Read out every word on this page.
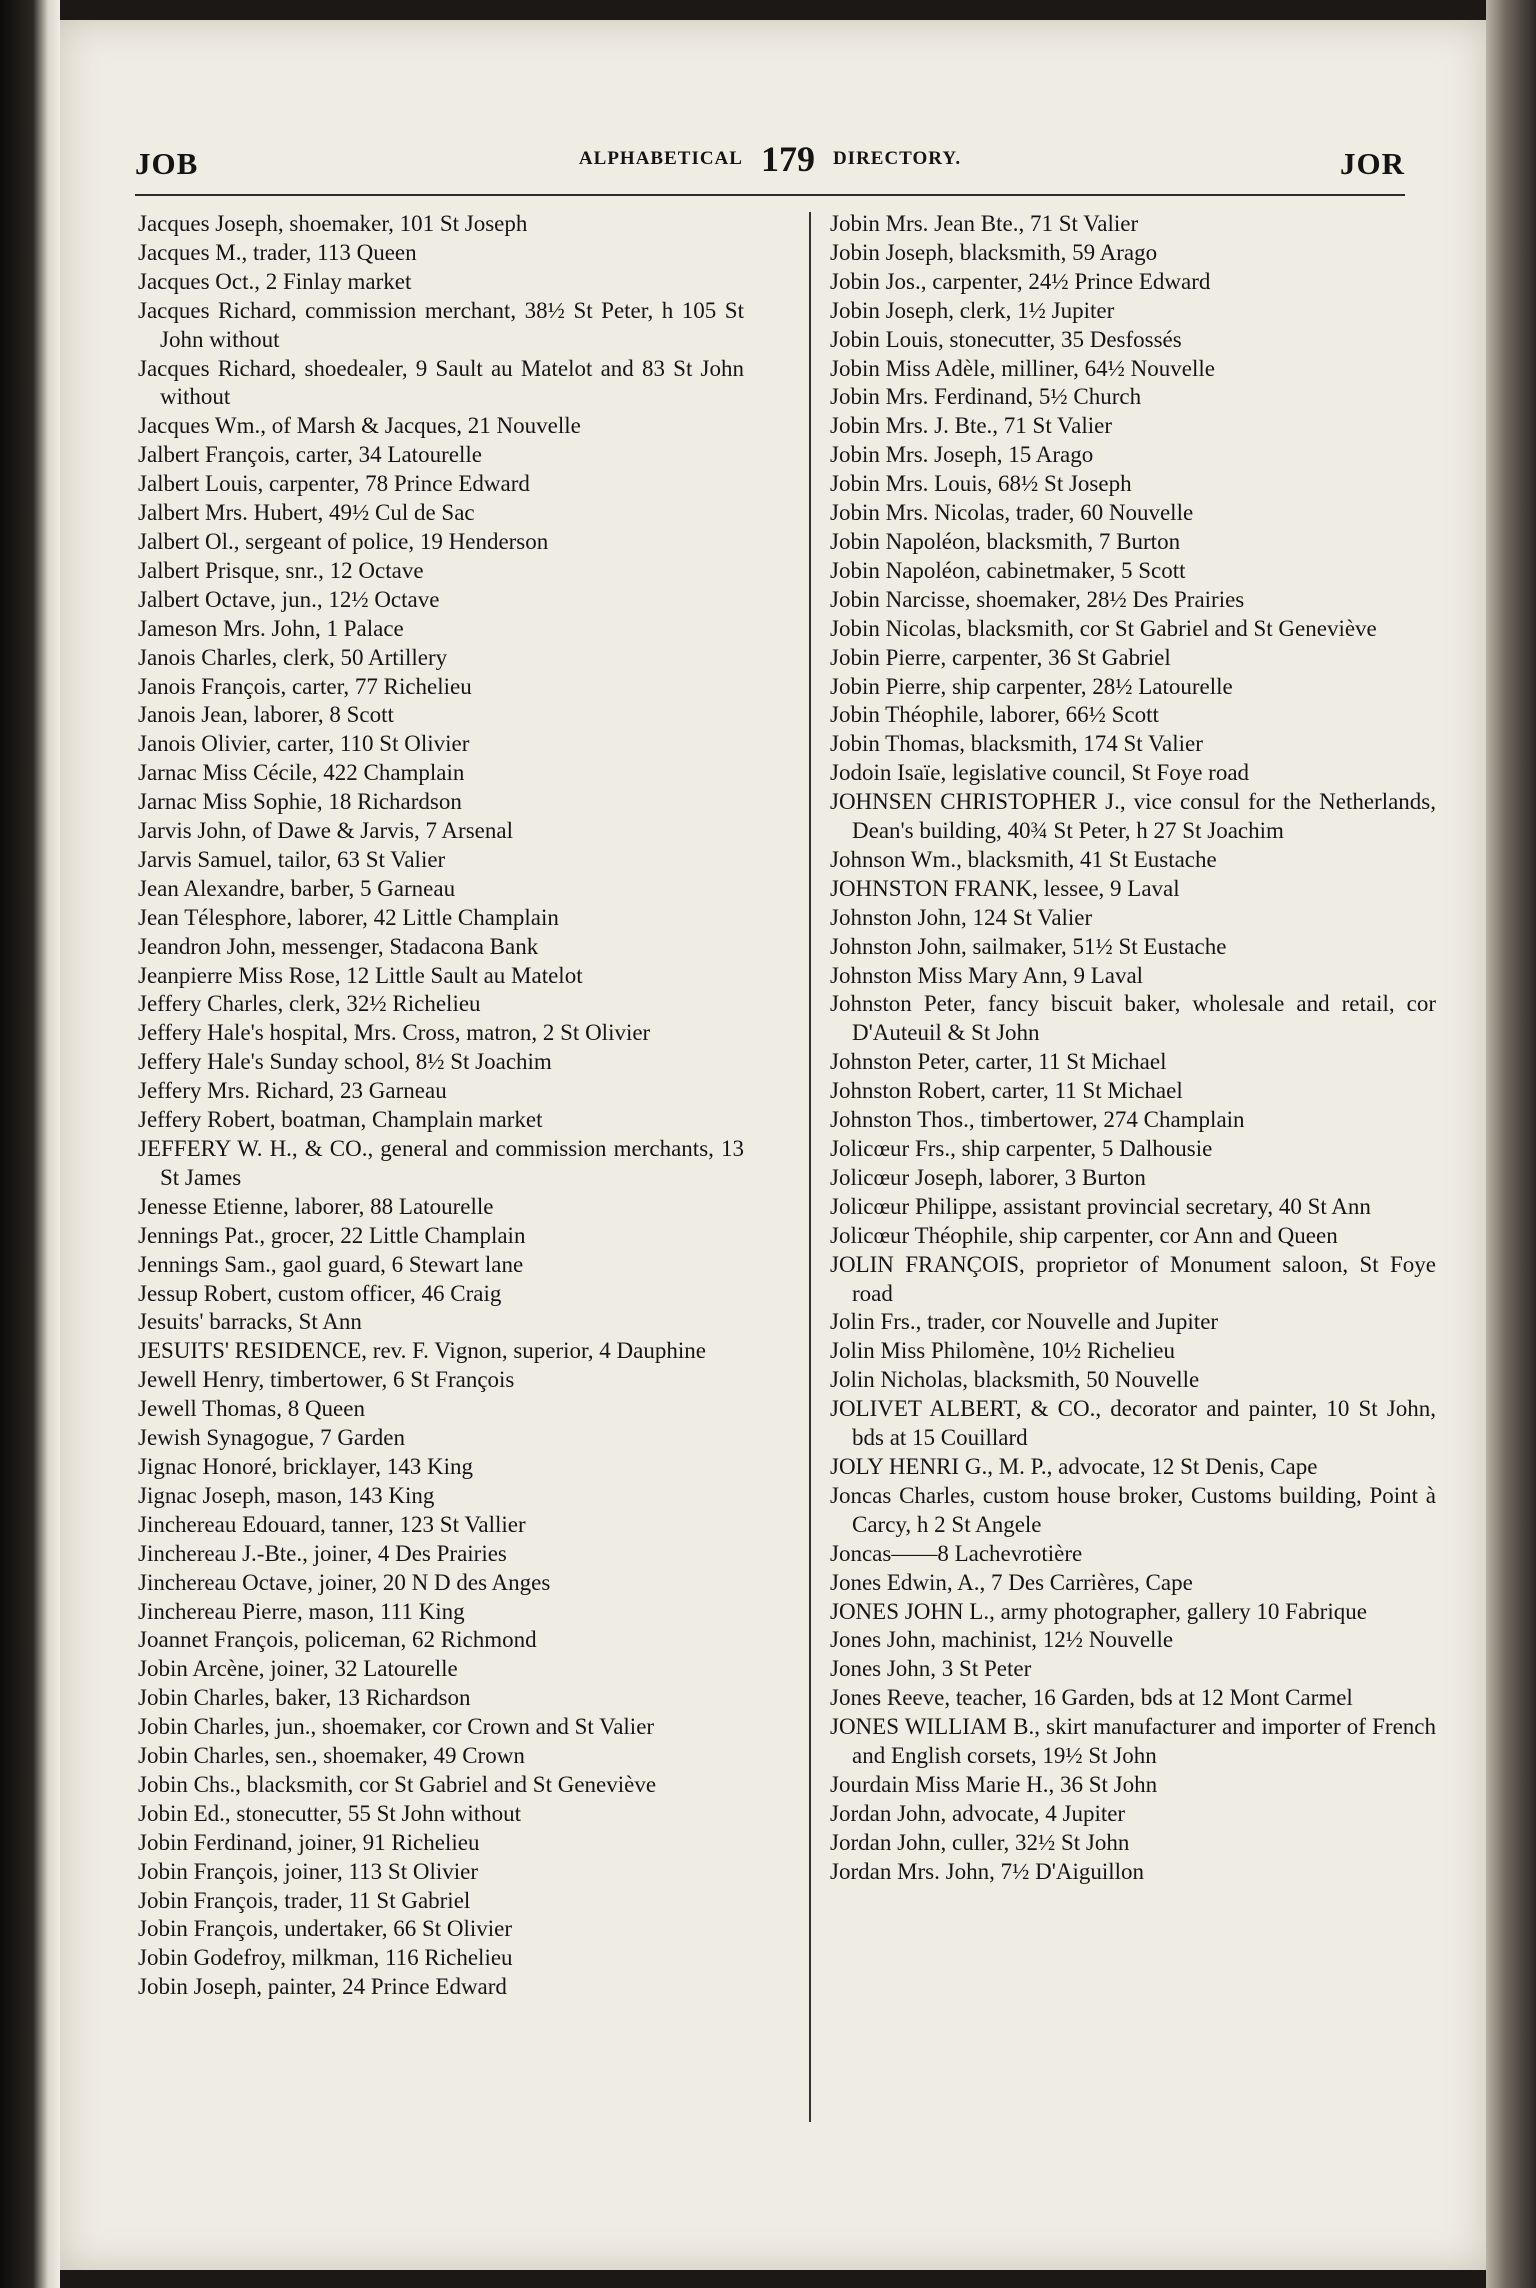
JOB	ALPHABETICAL 179 DIRECTORY.	JOR
Jacques Joseph, shoemaker, 101 St Joseph
Jacques M., trader, 113 Queen
Jacques Oct., 2 Finlay market
Jacques Richard, commission merchant, 38½ St Peter, h 105 St John without
Jacques Richard, shoedealer, 9 Sault au Matelot and 83 St John without
Jacques Wm., of Marsh & Jacques, 21 Nouvelle
Jalbert François, carter, 34 Latourelle
Jalbert Louis, carpenter, 78 Prince Edward
Jalbert Mrs. Hubert, 49½ Cul de Sac
Jalbert Ol., sergeant of police, 19 Henderson
Jalbert Prisque, snr., 12 Octave
Jalbert Octave, jun., 12½ Octave
Jameson Mrs. John, 1 Palace
Janois Charles, clerk, 50 Artillery
Janois François, carter, 77 Richelieu
Janois Jean, laborer, 8 Scott
Janois Olivier, carter, 110 St Olivier
Jarnac Miss Cécile, 422 Champlain
Jarnac Miss Sophie, 18 Richardson
Jarvis John, of Dawe & Jarvis, 7 Arsenal
Jarvis Samuel, tailor, 63 St Valier
Jean Alexandre, barber, 5 Garneau
Jean Télesphore, laborer, 42 Little Champlain
Jeandron John, messenger, Stadacona Bank
Jeanpierre Miss Rose, 12 Little Sault au Matelot
Jeffery Charles, clerk, 32½ Richelieu
Jeffery Hale's hospital, Mrs. Cross, matron, 2 St Olivier
Jeffery Hale's Sunday school, 8½ St Joachim
Jeffery Mrs. Richard, 23 Garneau
Jeffery Robert, boatman, Champlain market
JEFFERY W. H., & CO., general and commission merchants, 13 St James
Jenesse Etienne, laborer, 88 Latourelle
Jennings Pat., grocer, 22 Little Champlain
Jennings Sam., gaol guard, 6 Stewart lane
Jessup Robert, custom officer, 46 Craig
Jesuits' barracks, St Ann
JESUITS' RESIDENCE, rev. F. Vignon, superior, 4 Dauphine
Jewell Henry, timbertower, 6 St François
Jewell Thomas, 8 Queen
Jewish Synagogue, 7 Garden
Jignac Honoré, bricklayer, 143 King
Jignac Joseph, mason, 143 King
Jinchereau Edouard, tanner, 123 St Vallier
Jinchereau J.-Bte., joiner, 4 Des Prairies
Jinchereau Octave, joiner, 20 N D des Anges
Jinchereau Pierre, mason, 111 King
Joannet François, policeman, 62 Richmond
Jobin Arcène, joiner, 32 Latourelle
Jobin Charles, baker, 13 Richardson
Jobin Charles, jun., shoemaker, cor Crown and St Valier
Jobin Charles, sen., shoemaker, 49 Crown
Jobin Chs., blacksmith, cor St Gabriel and St Geneviève
Jobin Ed., stonecutter, 55 St John without
Jobin Ferdinand, joiner, 91 Richelieu
Jobin François, joiner, 113 St Olivier
Jobin François, trader, 11 St Gabriel
Jobin François, undertaker, 66 St Olivier
Jobin Godefroy, milkman, 116 Richelieu
Jobin Joseph, painter, 24 Prince Edward
Jobin Mrs. Jean Bte., 71 St Valier
Jobin Joseph, blacksmith, 59 Arago
Jobin Jos., carpenter, 24½ Prince Edward
Jobin Joseph, clerk, 1½ Jupiter
Jobin Louis, stonecutter, 35 Desfossés
Jobin Miss Adèle, milliner, 64½ Nouvelle
Jobin Mrs. Ferdinand, 5½ Church
Jobin Mrs. J. Bte., 71 St Valier
Jobin Mrs. Joseph, 15 Arago
Jobin Mrs. Louis, 68½ St Joseph
Jobin Mrs. Nicolas, trader, 60 Nouvelle
Jobin Napoléon, blacksmith, 7 Burton
Jobin Napoléon, cabinetmaker, 5 Scott
Jobin Narcisse, shoemaker, 28½ Des Prairies
Jobin Nicolas, blacksmith, cor St Gabriel and St Geneviève
Jobin Pierre, carpenter, 36 St Gabriel
Jobin Pierre, ship carpenter, 28½ Latourelle
Jobin Théophile, laborer, 66½ Scott
Jobin Thomas, blacksmith, 174 St Valier
Jodoin Isaïe, legislative council, St Foye road
JOHNSEN CHRISTOPHER J., vice consul for the Netherlands, Dean's building, 40¾ St Peter, h 27 St Joachim
Johnson Wm., blacksmith, 41 St Eustache
JOHNSTON FRANK, lessee, 9 Laval
Johnston John, 124 St Valier
Johnston John, sailmaker, 51½ St Eustache
Johnston Miss Mary Ann, 9 Laval
Johnston Peter, fancy biscuit baker, wholesale and retail, cor D'Auteuil & St John
Johnston Peter, carter, 11 St Michael
Johnston Robert, carter, 11 St Michael
Johnston Thos., timbertower, 274 Champlain
Jolicœur Frs., ship carpenter, 5 Dalhousie
Jolicœur Joseph, laborer, 3 Burton
Jolicœur Philippe, assistant provincial secretary, 40 St Ann
Jolicœur Théophile, ship carpenter, cor Ann and Queen
JOLIN FRANÇOIS, proprietor of Monument saloon, St Foye road
Jolin Frs., trader, cor Nouvelle and Jupiter
Jolin Miss Philomène, 10½ Richelieu
Jolin Nicholas, blacksmith, 50 Nouvelle
JOLIVET ALBERT, & CO., decorator and painter, 10 St John, bds at 15 Couillard
JOLY HENRI G., M. P., advocate, 12 St Denis, Cape
Joncas Charles, custom house broker, Customs building, Point à Carcy, h 2 St Angele
Joncas——8 Lachevrotière
Jones Edwin, A., 7 Des Carrières, Cape
JONES JOHN L., army photographer, gallery 10 Fabrique
Jones John, machinist, 12½ Nouvelle
Jones John, 3 St Peter
Jones Reeve, teacher, 16 Garden, bds at 12 Mont Carmel
JONES WILLIAM B., skirt manufacturer and importer of French and English corsets, 19½ St John
Jourdain Miss Marie H., 36 St John
Jordan John, advocate, 4 Jupiter
Jordan John, culler, 32½ St John
Jordan Mrs. John, 7½ D'Aiguillon
